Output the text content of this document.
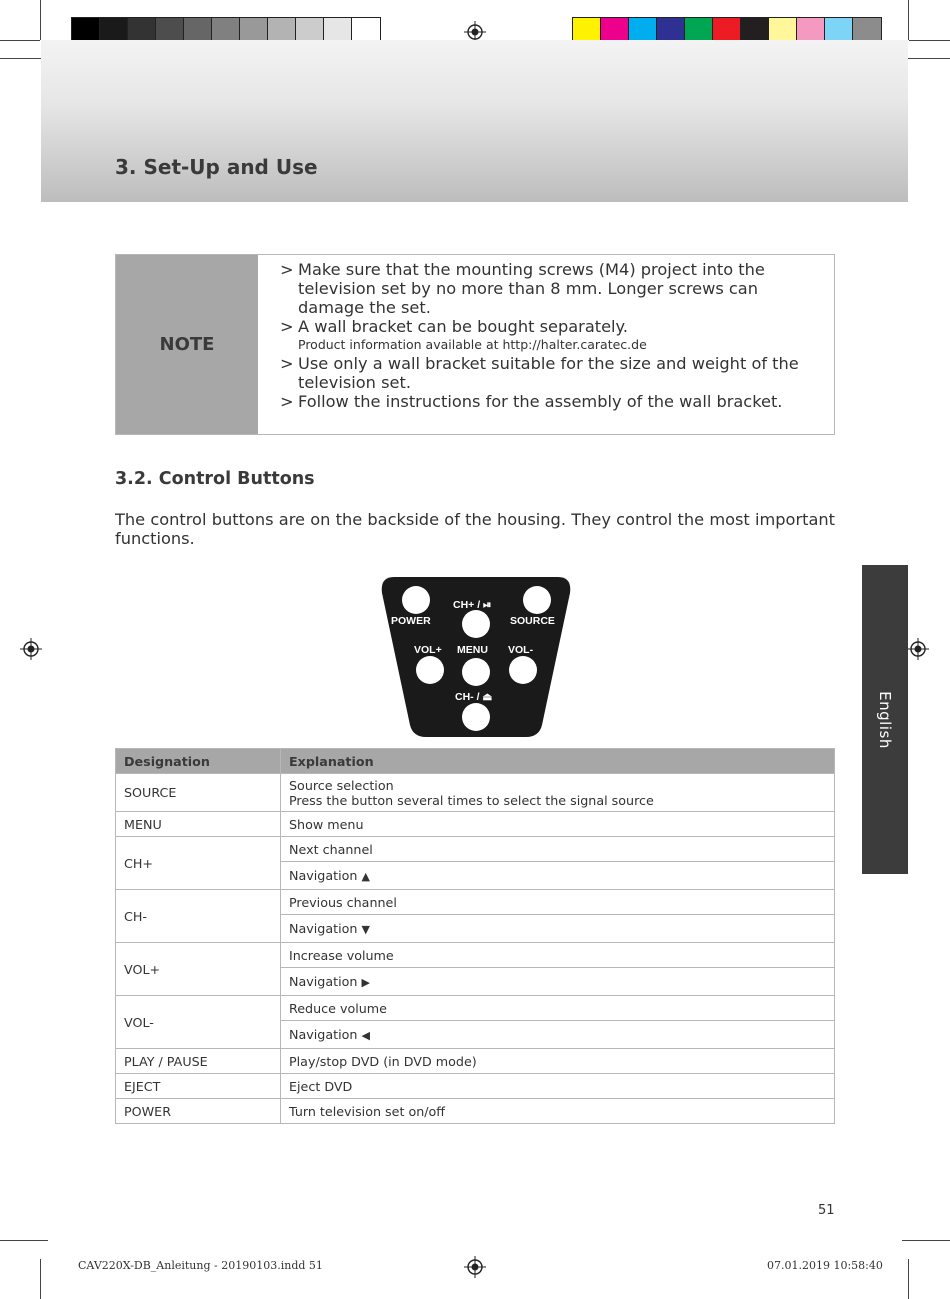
3. Set-Up and Use
NOTE
> Make sure that the mounting screws (M4) project into the television set by no more than 8 mm. Longer screws can damage the set.
> A wall bracket can be bought separately.
Product information available at http://halter.caratec.de
> Use only a wall bracket suitable for the size and weight of the television set.
> Follow the instructions for the assembly of the wall bracket.
3.2. Control Buttons
The control buttons are on the backside of the housing. They control the most important functions.
POWER	SOURCE
CH+ / ⏯
VOL+ MENU VOL-
CH- / ⏏	English
Designation	Explanation
SOURCE	Source selection
Press the button several times to select the signal source

MENU	Show menu
CH+	Next channel
	Navigation ▲
CH-	Previous channel
	Navigation ▼
VOL+	Increase volume
	Navigation ▶
VOL-	Reduce volume
	Navigation ◀
PLAY / PAUSE	Play/stop DVD (in DVD mode)
EJECT	Eject DVD
POWER	Turn television set on/off
51
CAV220X-DB_Anleitung - 20190103.indd 51	07.01.2019 10:58:40
